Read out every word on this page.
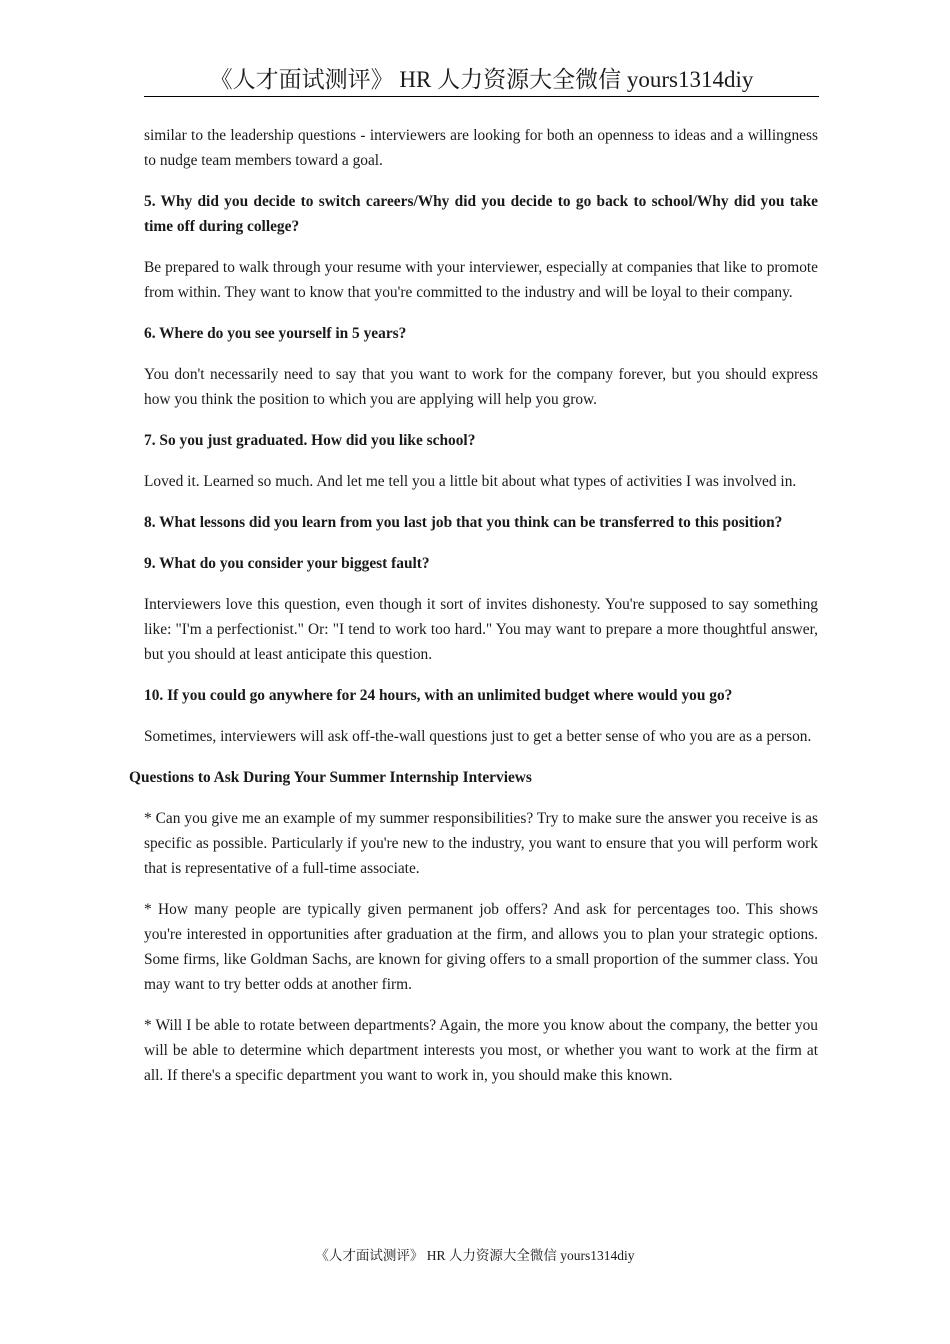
《人才面试测评》 HR 人力资源大全微信 yours1314diy

similar to the leadership questions - interviewers are looking for both an openness to ideas and a willingness to nudge team members toward a goal.

5. Why did you decide to switch careers/Why did you decide to go back to school/Why did you take time off during college?

Be prepared to walk through your resume with your interviewer, especially at companies that like to promote from within. They want to know that you're committed to the industry and will be loyal to their company.

6. Where do you see yourself in 5 years?

You don't necessarily need to say that you want to work for the company forever, but you should express how you think the position to which you are applying will help you grow.

7. So you just graduated. How did you like school?

Loved it. Learned so much. And let me tell you a little bit about what types of activities I was involved in.

8. What lessons did you learn from you last job that you think can be transferred to this position?

9. What do you consider your biggest fault?

Interviewers love this question, even though it sort of invites dishonesty. You're supposed to say something like: "I'm a perfectionist." Or: "I tend to work too hard." You may want to prepare a more thoughtful answer, but you should at least anticipate this question.

10. If you could go anywhere for 24 hours, with an unlimited budget where would you go?

Sometimes, interviewers will ask off-the-wall questions just to get a better sense of who you are as a person.

Questions to Ask During Your Summer Internship Interviews

* Can you give me an example of my summer responsibilities? Try to make sure the answer you receive is as specific as possible. Particularly if you're new to the industry, you want to ensure that you will perform work that is representative of a full-time associate.

* How many people are typically given permanent job offers? And ask for percentages too. This shows you're interested in opportunities after graduation at the firm, and allows you to plan your strategic options. Some firms, like Goldman Sachs, are known for giving offers to a small proportion of the summer class. You may want to try better odds at another firm.

* Will I be able to rotate between departments? Again, the more you know about the company, the better you will be able to determine which department interests you most, or whether you want to work at the firm at all. If there's a specific department you want to work in, you should make this known.

《人才面试测评》 HR 人力资源大全微信 yours1314diy
